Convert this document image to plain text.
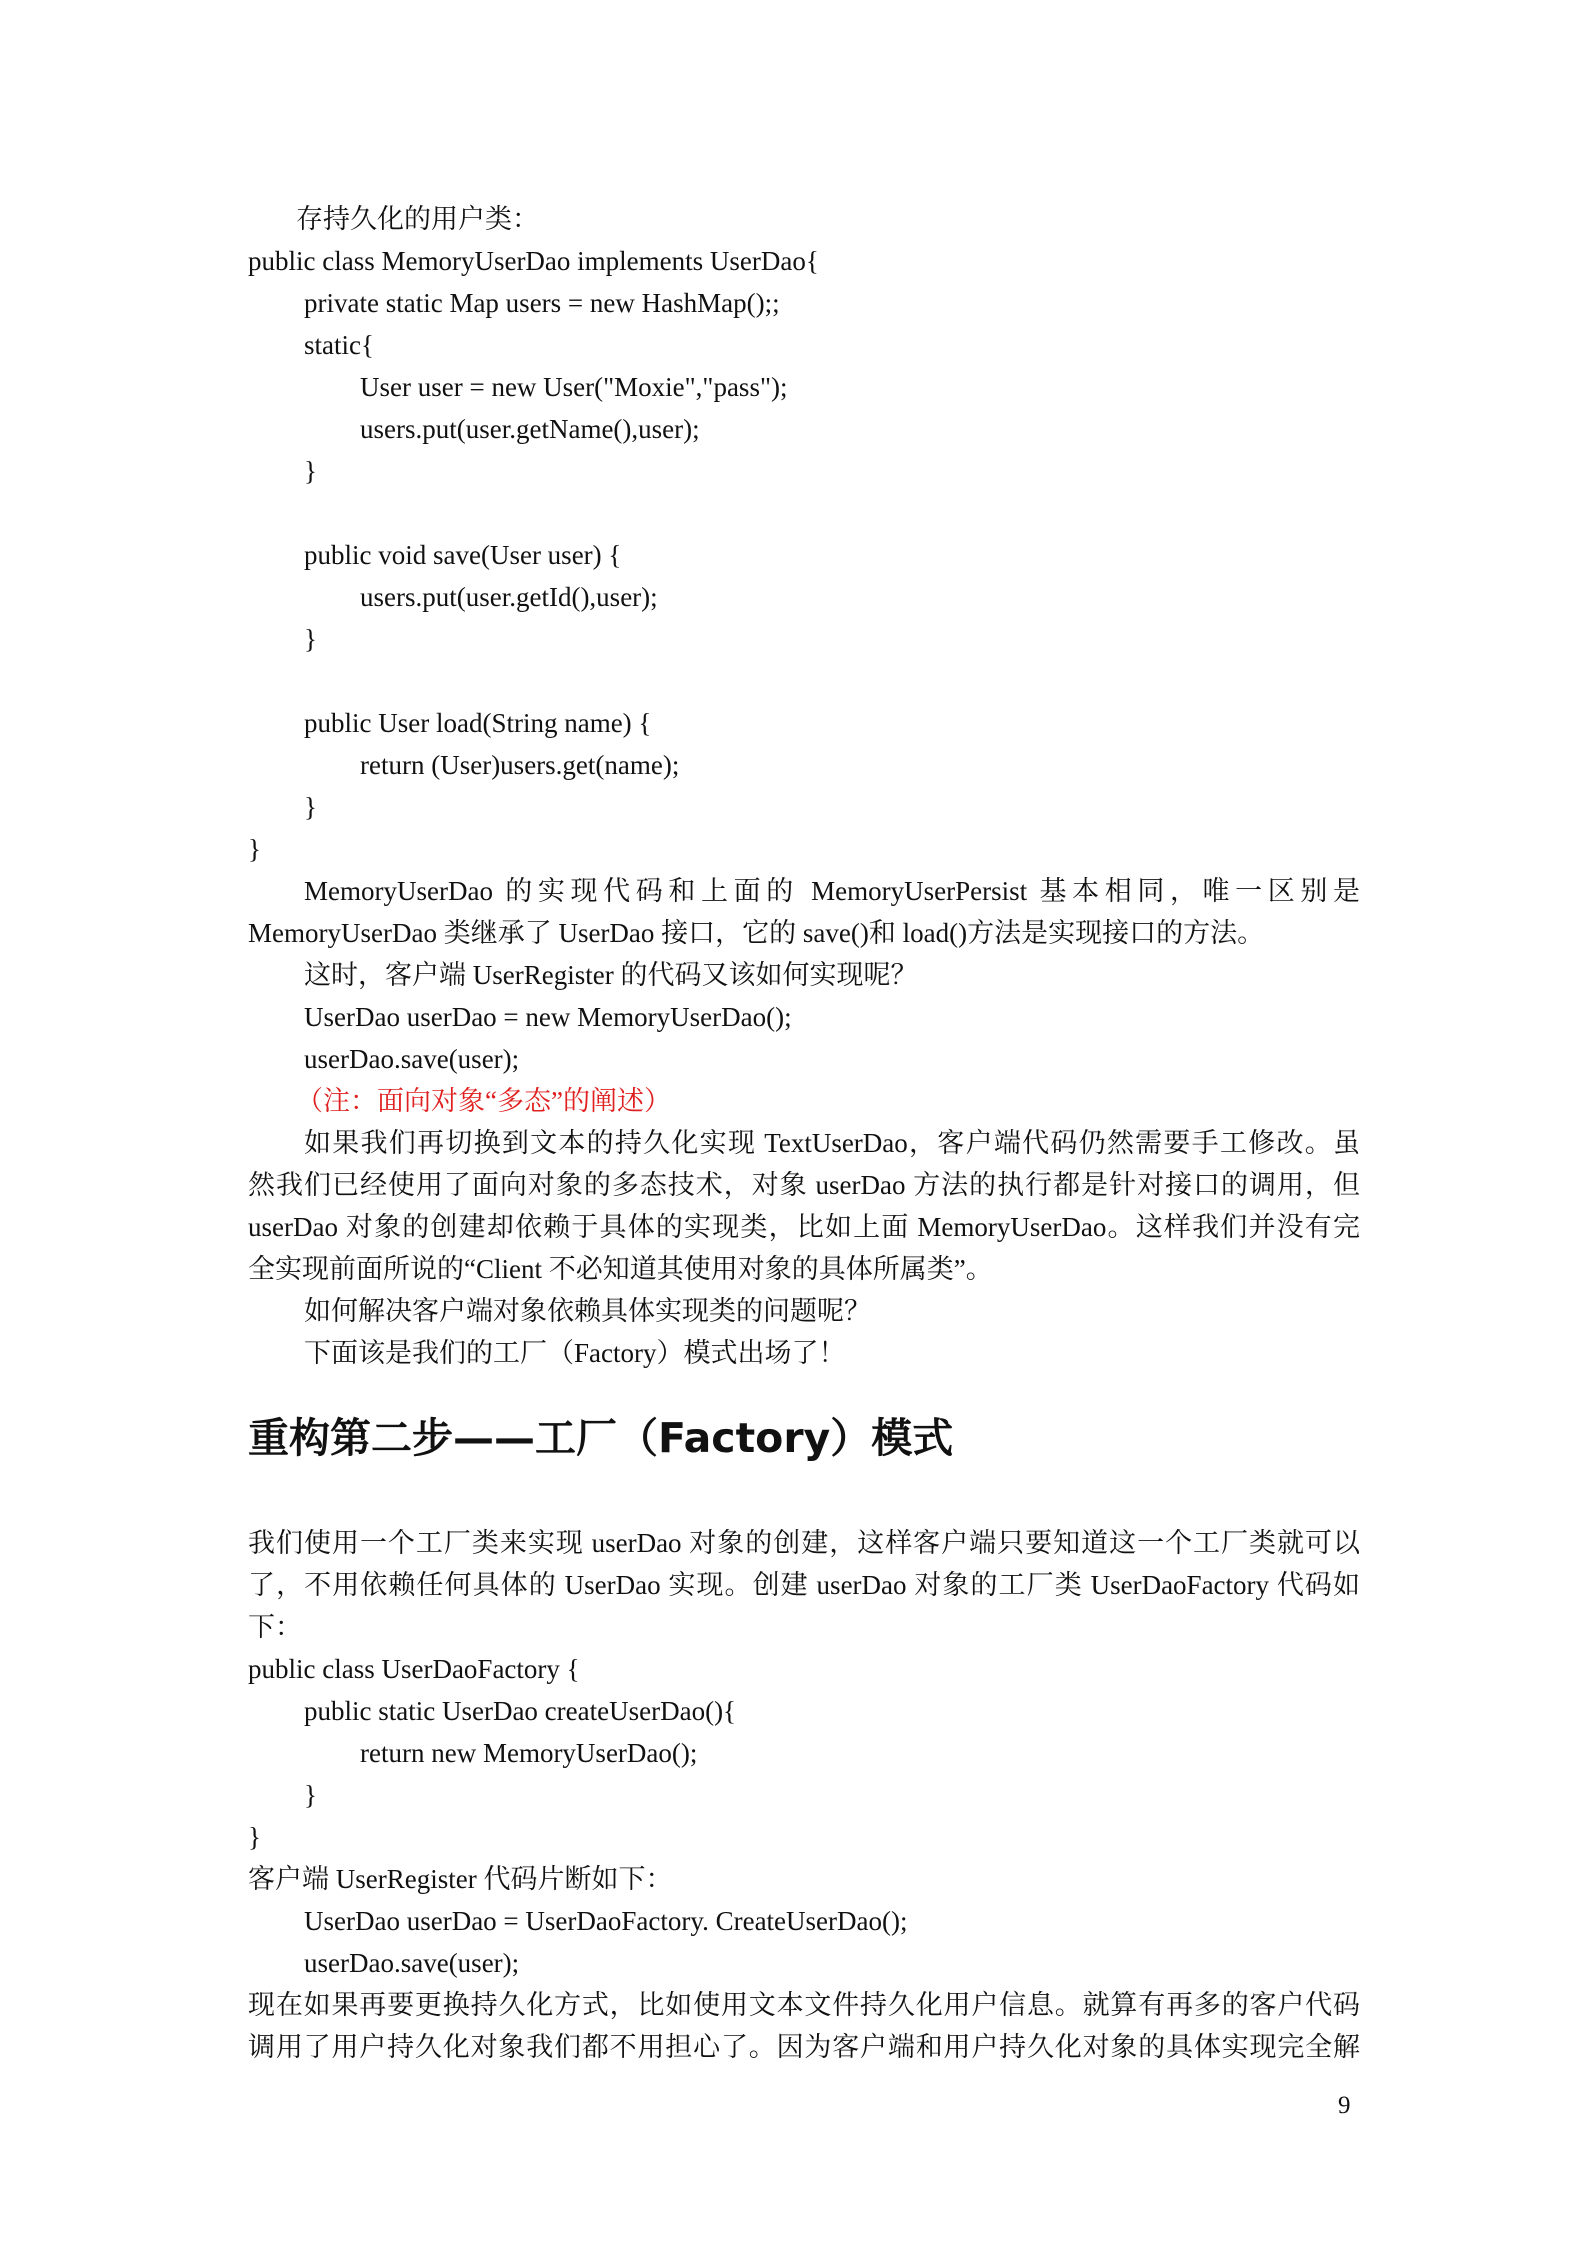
存持久化的用户类：
public class MemoryUserDao implements UserDao{
private static Map users = new HashMap();;
static{
User user = new User("Moxie","pass");
users.put(user.getName(),user);
}
public void save(User user) {
users.put(user.getId(),user);
}
public User load(String name) {
return (User)users.get(name);
}
}
MemoryUserDao 的实现代码和上面的 MemoryUserPersist 基本相同，唯一区别是
MemoryUserDao 类继承了 UserDao 接口，它的 save()和 load()方法是实现接口的方法。
这时，客户端 UserRegister 的代码又该如何实现呢？
UserDao userDao = new MemoryUserDao();
userDao.save(user);
（注：面向对象“多态”的阐述）
如果我们再切换到文本的持久化实现 TextUserDao，客户端代码仍然需要手工修改。虽
然我们已经使用了面向对象的多态技术，对象 userDao 方法的执行都是针对接口的调用，但
userDao 对象的创建却依赖于具体的实现类，比如上面 MemoryUserDao。这样我们并没有完
全实现前面所说的“Client 不必知道其使用对象的具体所属类”。
如何解决客户端对象依赖具体实现类的问题呢？
下面该是我们的工厂（Factory）模式出场了！
重构第二步——工厂（Factory）模式
我们使用一个工厂类来实现 userDao 对象的创建，这样客户端只要知道这一个工厂类就可以
了，不用依赖任何具体的 UserDao 实现。创建 userDao 对象的工厂类 UserDaoFactory 代码如
下：
public class UserDaoFactory {
public static UserDao createUserDao(){
return new MemoryUserDao();
}
}
客户端 UserRegister 代码片断如下：
UserDao userDao = UserDaoFactory. CreateUserDao();
userDao.save(user);
现在如果再要更换持久化方式，比如使用文本文件持久化用户信息。就算有再多的客户代码
调用了用户持久化对象我们都不用担心了。因为客户端和用户持久化对象的具体实现完全解
9
